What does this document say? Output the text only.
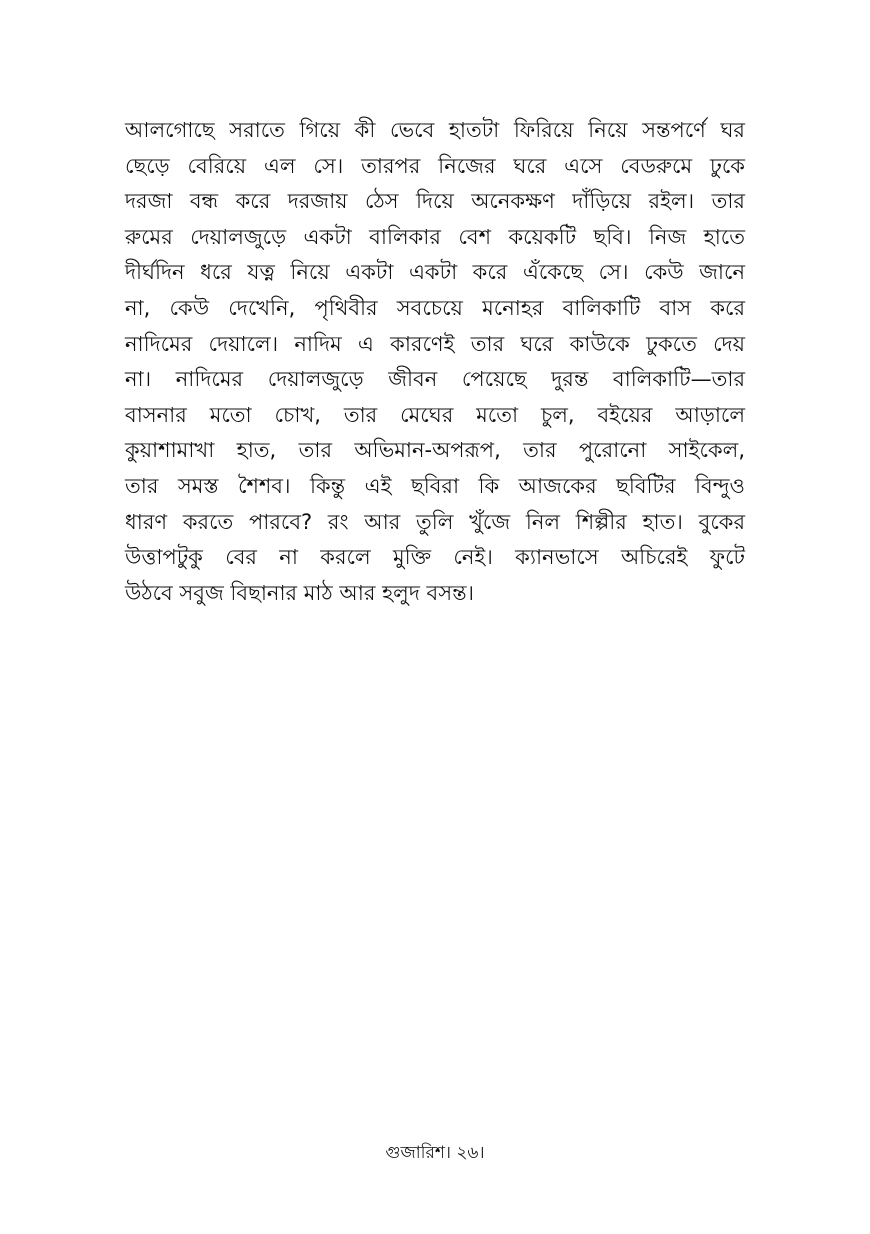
আলগোছে সরাতে গিয়ে কী ভেবে হাতটা ফিরিয়ে নিয়ে সন্তপর্ণে ঘর
ছেড়ে বেরিয়ে এল সে। তারপর নিজের ঘরে এসে বেডরুমে ঢুকে
দরজা বন্ধ করে দরজায় ঠেস দিয়ে অনেকক্ষণ দাঁড়িয়ে রইল। তার
রুমের দেয়ালজুড়ে একটা বালিকার বেশ কয়েকটি ছবি। নিজ হাতে
দীর্ঘদিন ধরে যত্ন নিয়ে একটা একটা করে এঁকেছে সে। কেউ জানে
না, কেউ দেখেনি, পৃথিবীর সবচেয়ে মনোহর বালিকাটি বাস করে
নাদিমের দেয়ালে। নাদিম এ কারণেই তার ঘরে কাউকে ঢুকতে দেয়
না। নাদিমের দেয়ালজুড়ে জীবন পেয়েছে দুরন্ত বালিকাটি—তার
বাসনার মতো চোখ, তার মেঘের মতো চুল, বইয়ের আড়ালে
কুয়াশামাখা হাত, তার অভিমান-অপরূপ, তার পুরোনো সাইকেল,
তার সমস্ত শৈশব। কিন্তু এই ছবিরা কি আজকের ছবিটির বিন্দুও
ধারণ করতে পারবে? রং আর তুলি খুঁজে নিল শিল্পীর হাত। বুকের
উত্তাপটুকু বের না করলে মুক্তি নেই। ক্যানভাসে অচিরেই ফুটে
উঠবে সবুজ বিছানার মাঠ আর হলুদ বসন্ত।
গুজারিশ। ২৬।
